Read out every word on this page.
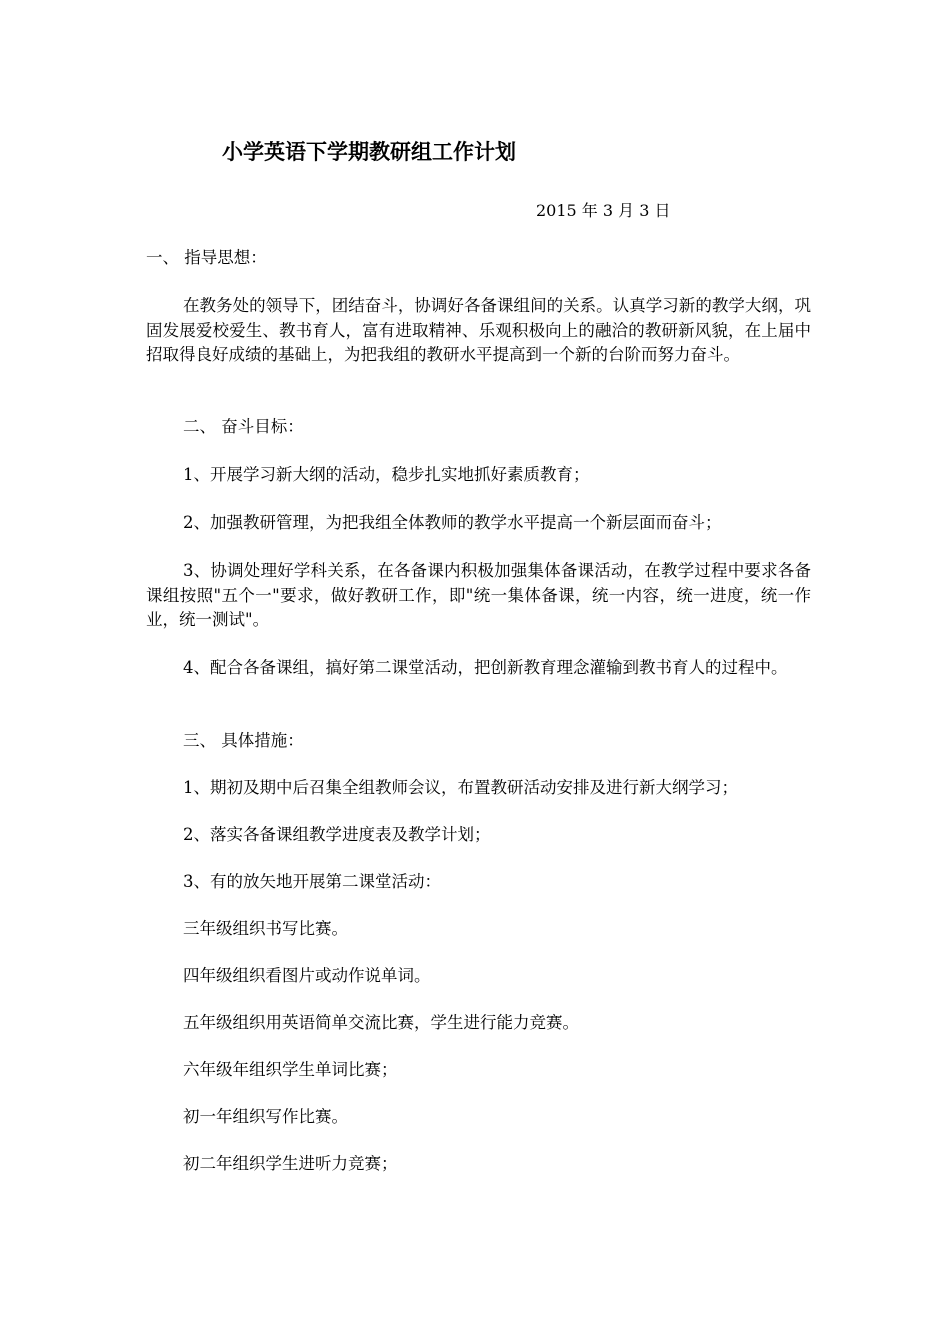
小学英语下学期教研组工作计划
2015 年 3 月 3 日

一、 指导思想：

在教务处的领导下，团结奋斗，协调好各备课组间的关系。认真学习新的教学大纲，巩固发展爱校爱生、教书育人，富有进取精神、乐观积极向上的融洽的教研新风貌，在上届中招取得良好成绩的基础上，为把我组的教研水平提高到一个新的台阶而努力奋斗。

二、 奋斗目标：

1、开展学习新大纲的活动，稳步扎实地抓好素质教育；

2、加强教研管理，为把我组全体教师的教学水平提高一个新层面而奋斗；

3、协调处理好学科关系，在各备课内积极加强集体备课活动，在教学过程中要求各备课组按照"五个一"要求，做好教研工作，即"统一集体备课，统一内容，统一进度，统一作业，统一测试"。

4、配合各备课组，搞好第二课堂活动，把创新教育理念灌输到教书育人的过程中。

三、 具体措施：

1、期初及期中后召集全组教师会议，布置教研活动安排及进行新大纲学习；

2、落实各备课组教学进度表及教学计划；

3、有的放矢地开展第二课堂活动：

三年级组织书写比赛。

四年级组织看图片或动作说单词。

五年级组织用英语简单交流比赛，学生进行能力竞赛。

六年级年组织学生单词比赛；

初一年组织写作比赛。

初二年组织学生进听力竞赛；
